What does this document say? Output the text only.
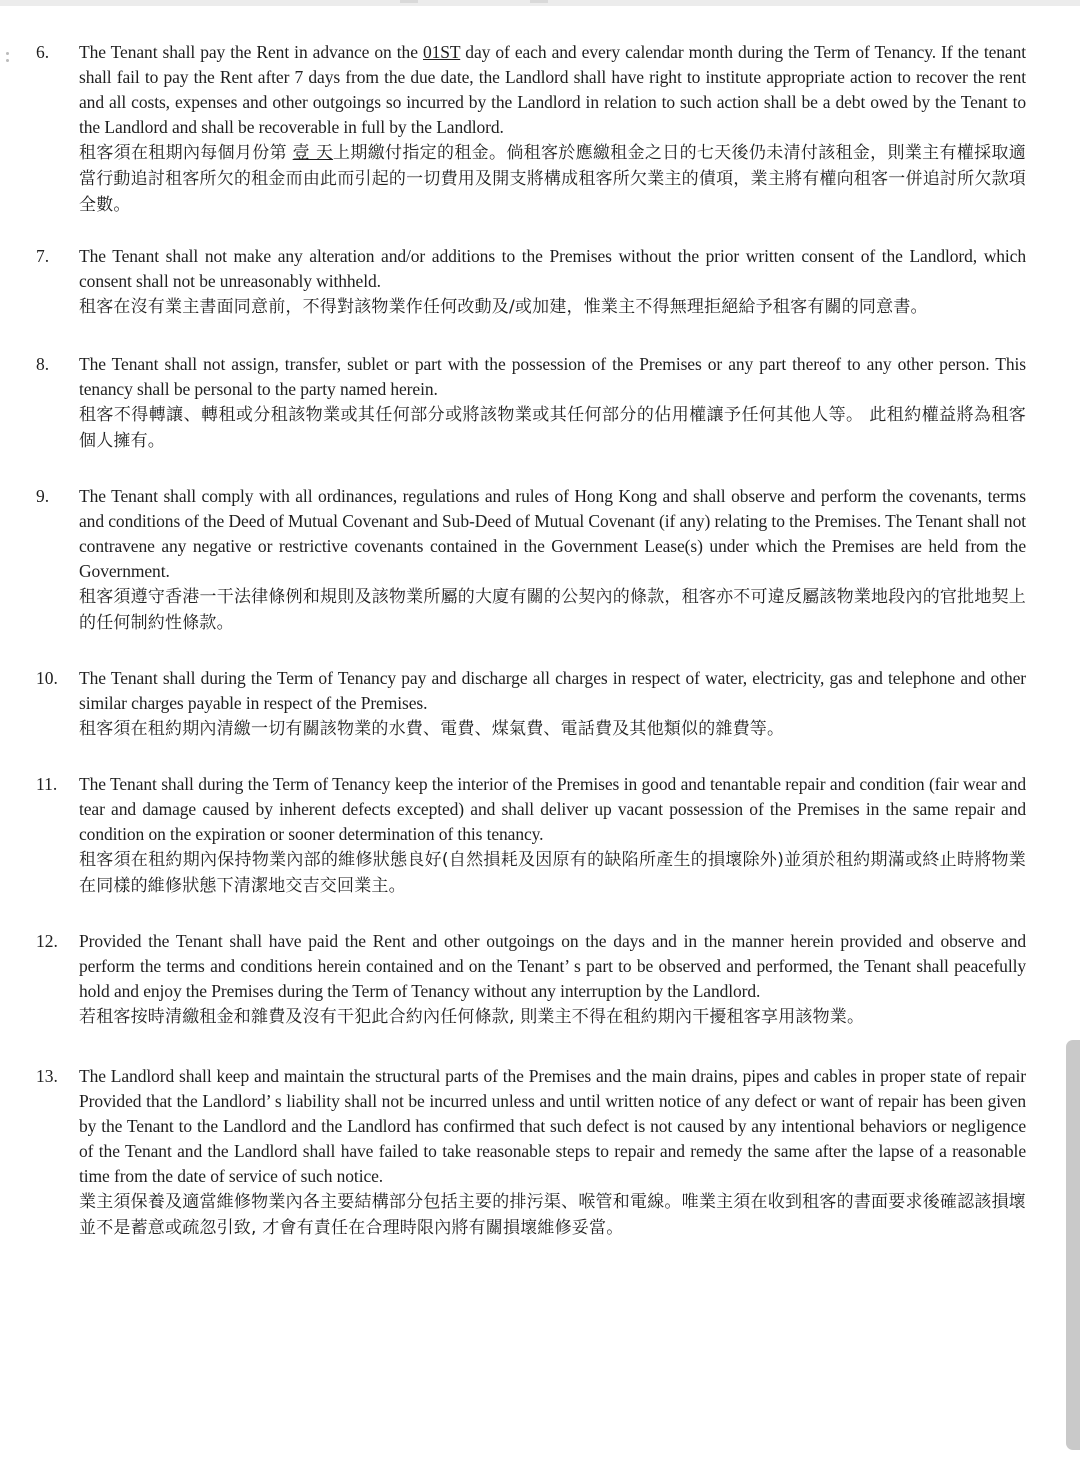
6. The Tenant shall pay the Rent in advance on the 01ST day of each and every calendar month during the Term of Tenancy. If the tenant shall fail to pay the Rent after 7 days from the due date, the Landlord shall have right to institute appropriate action to recover the rent and all costs, expenses and other outgoings so incurred by the Landlord in relation to such action shall be a debt owed by the Tenant to the Landlord and shall be recoverable in full by the Landlord.
租客須在租期內每個月份第 壹 天上期繳付指定的租金。倘租客於應繳租金之日的七天後仍未清付該租金，則業主有權採取適當行動追討租客所欠的租金而由此而引起的一切費用及開支將構成租客所欠業主的債項，業主將有權向租客一併追討所欠款項全數。
7. The Tenant shall not make any alteration and/or additions to the Premises without the prior written consent of the Landlord, which consent shall not be unreasonably withheld.
租客在沒有業主書面同意前，不得對該物業作任何改動及/或加建，惟業主不得無理拒絕給予租客有關的同意書。
8. The Tenant shall not assign, transfer, sublet or part with the possession of the Premises or any part thereof to any other person. This tenancy shall be personal to the party named herein.
租客不得轉讓、轉租或分租該物業或其任何部分或將該物業或其任何部分的佔用權讓予任何其他人等。 此租約權益將為租客個人擁有。
9. The Tenant shall comply with all ordinances, regulations and rules of Hong Kong and shall observe and perform the covenants, terms and conditions of the Deed of Mutual Covenant and Sub-Deed of Mutual Covenant (if any) relating to the Premises. The Tenant shall not contravene any negative or restrictive covenants contained in the Government Lease(s) under which the Premises are held from the Government.
租客須遵守香港一干法律條例和規則及該物業所屬的大廈有關的公契內的條款，租客亦不可違反屬該物業地段內的官批地契上的任何制約性條款。
10. The Tenant shall during the Term of Tenancy pay and discharge all charges in respect of water, electricity, gas and telephone and other similar charges payable in respect of the Premises.
租客須在租約期內清繳一切有關該物業的水費、電費、煤氣費、電話費及其他類似的雜費等。
11. The Tenant shall during the Term of Tenancy keep the interior of the Premises in good and tenantable repair and condition (fair wear and tear and damage caused by inherent defects excepted) and shall deliver up vacant possession of the Premises in the same repair and condition on the expiration or sooner determination of this tenancy.
租客須在租約期內保持物業內部的維修狀態良好(自然損耗及因原有的缺陷所產生的損壞除外)並須於租約期滿或終止時將物業在同樣的維修狀態下清潔地交吉交回業主。
12. Provided the Tenant shall have paid the Rent and other outgoings on the days and in the manner herein provided and observe and perform the terms and conditions herein contained and on the Tenant’ s part to be observed and performed, the Tenant shall peacefully hold and enjoy the Premises during the Term of Tenancy without any interruption by the Landlord.
若租客按時清繳租金和雜費及沒有干犯此合約內任何條款, 則業主不得在租約期內干擾租客享用該物業。
13. The Landlord shall keep and maintain the structural parts of the Premises and the main drains, pipes and cables in proper state of repair Provided that the Landlord’ s liability shall not be incurred unless and until written notice of any defect or want of repair has been given by the Tenant to the Landlord and the Landlord has confirmed that such defect is not caused by any intentional behaviors or negligence of the Tenant and the Landlord shall have failed to take reasonable steps to repair and remedy the same after the lapse of a reasonable time from the date of service of such notice.
業主須保養及適當維修物業內各主要結構部分包括主要的排污渠、喉管和電線。唯業主須在收到租客的書面要求後確認該損壞並不是蓄意或疏忽引致, 才會有責任在合理時限內將有關損壞維修妥當。
